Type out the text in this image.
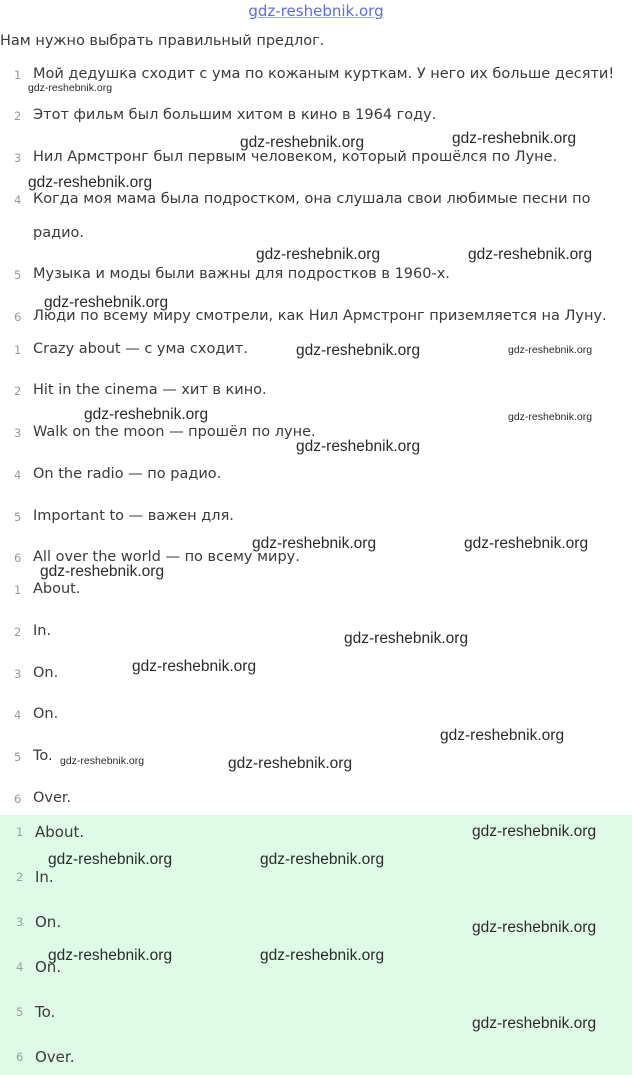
gdz-reshebnik.org
Нам нужно выбрать правильный предлог.
1 Мой дедушка сходит с ума по кожаным курткам. У него их больше десяти!
2 Этот фильм был большим хитом в кино в 1964 году.
3 Нил Армстронг был первым человеком, который прошёлся по Луне.
4 Когда моя мама была подростком, она слушала свои любимые песни по
радио.
5 Музыка и моды были важны для подростков в 1960-х.
6 Люди по всему миру смотрели, как Нил Армстронг приземляется на Луну.
1 Crazy about — с ума сходит.
2 Hit in the cinema — хит в кино.
3 Walk on the moon — прошёл по луне.
4 On the radio — по радио.
5 Important to — важен для.
6 All over the world — по всему миру.
1 About.
2 In.
3 On.
4 On.
5 To.
6 Over.
1 About.
2 In.
3 On.
4 On.
5 To.
6 Over.
gdz-reshebnik.org
gdz-reshebnik.org	gdz-reshebnik.org
gdz-reshebnik.org
gdz-reshebnik.org	gdz-reshebnik.org
gdz-reshebnik.org
gdz-reshebnik.org	gdz-reshebnik.org
gdz-reshebnik.org	gdz-reshebnik.org
gdz-reshebnik.org
gdz-reshebnik.org	gdz-reshebnik.org
gdz-reshebnik.org
gdz-reshebnik.org
gdz-reshebnik.org
gdz-reshebnik.org
gdz-reshebnik.org	gdz-reshebnik.org
gdz-reshebnik.org
gdz-reshebnik.org	gdz-reshebnik.org
gdz-reshebnik.org
gdz-reshebnik.org	gdz-reshebnik.org
gdz-reshebnik.org
